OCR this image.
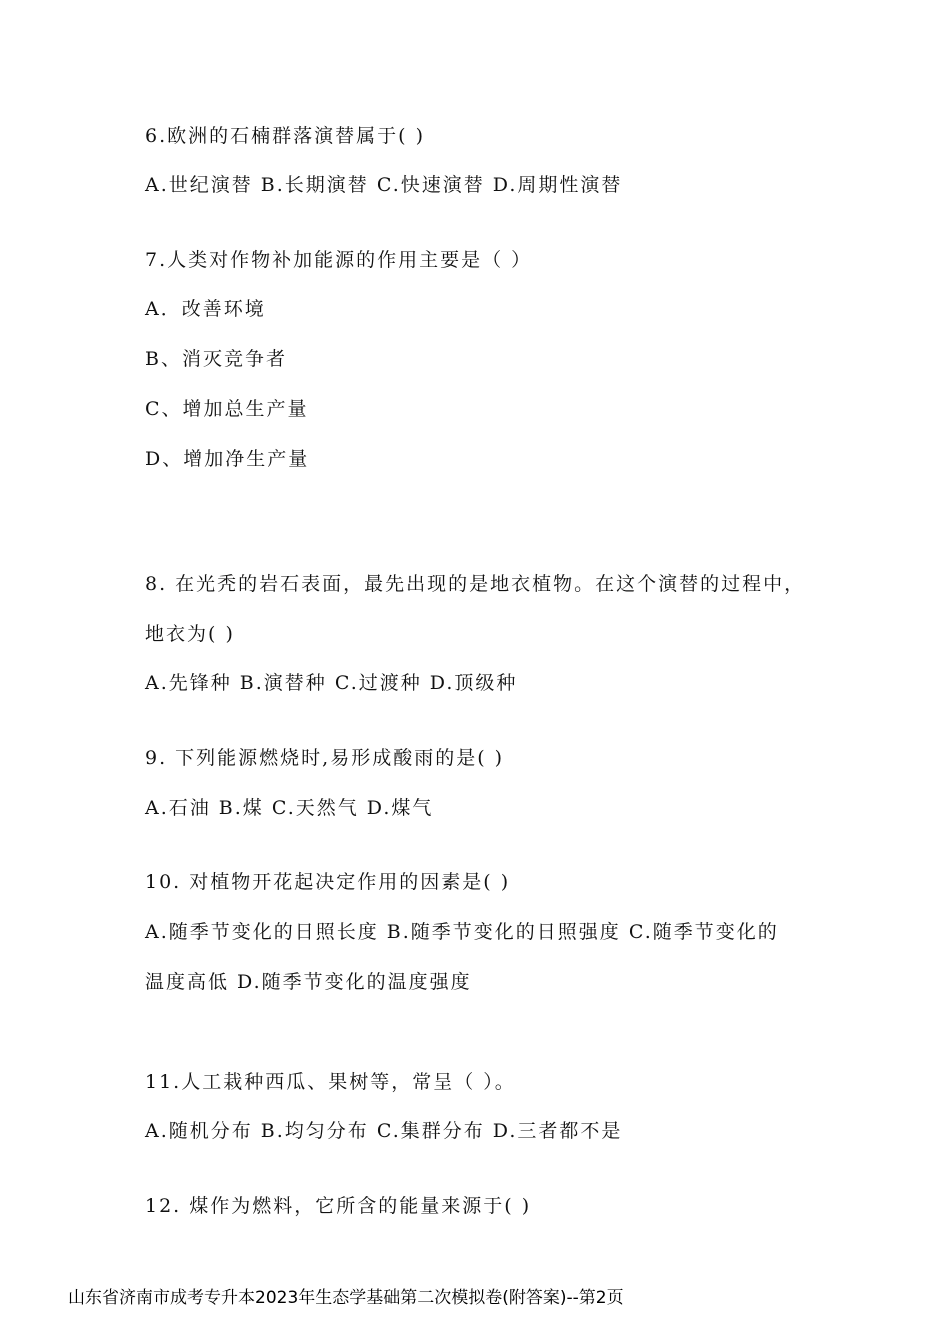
6.欧洲的石楠群落演替属于( )
A.世纪演替 B.长期演替 C.快速演替 D.周期性演替
7.人类对作物补加能源的作用主要是（ ）
A．改善环境
B、消灭竞争者
C、增加总生产量
D、增加净生产量
8. 在光秃的岩石表面，最先出现的是地衣植物。在这个演替的过程中，
地衣为( )
A.先锋种 B.演替种 C.过渡种 D.顶级种
9. 下列能源燃烧时,易形成酸雨的是( )
A.石油 B.煤 C.天然气 D.煤气
10. 对植物开花起决定作用的因素是( )
A.随季节变化的日照长度 B.随季节变化的日照强度 C.随季节变化的
温度高低 D.随季节变化的温度强度
11.人工栽种西瓜、果树等，常呈（ ）。
A.随机分布 B.均匀分布 C.集群分布 D.三者都不是
12. 煤作为燃料，它所含的能量来源于( )
山东省济南市成考专升本2023年生态学基础第二次模拟卷(附答案)--第2页
